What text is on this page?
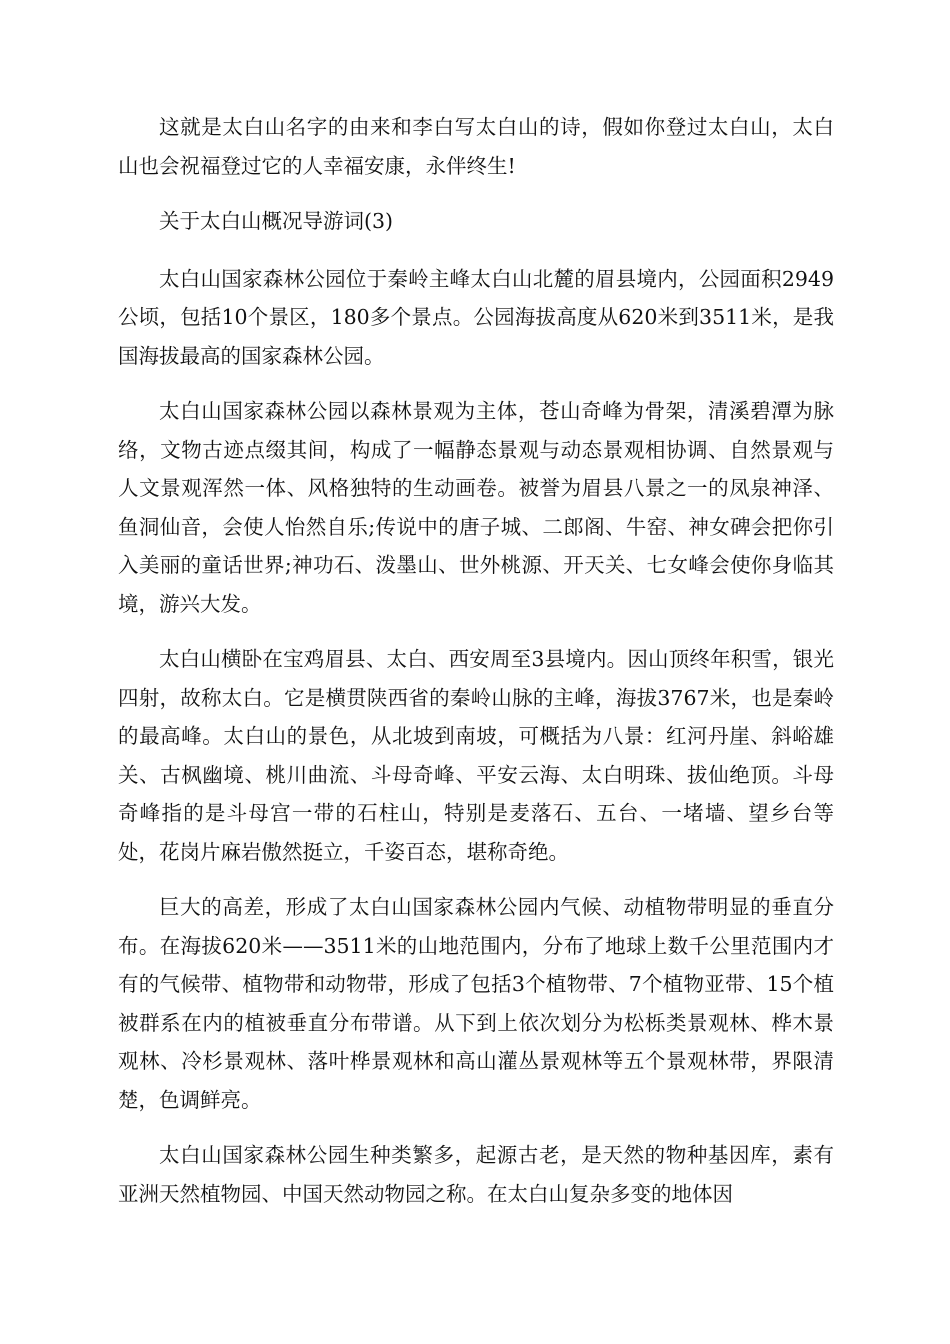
这就是太白山名字的由来和李白写太白山的诗，假如你登过太白山，太白山也会祝福登过它的人幸福安康，永伴终生!

关于太白山概况导游词(3)

太白山国家森林公园位于秦岭主峰太白山北麓的眉县境内，公园面积2949公顷，包括10个景区，180多个景点。公园海拔高度从620米到3511米，是我国海拔最高的国家森林公园。

太白山国家森林公园以森林景观为主体，苍山奇峰为骨架，清溪碧潭为脉络，文物古迹点缀其间，构成了一幅静态景观与动态景观相协调、自然景观与人文景观浑然一体、风格独特的生动画卷。被誉为眉县八景之一的凤泉神泽、鱼洞仙音，会使人怡然自乐;传说中的唐子城、二郎阁、牛窑、神女碑会把你引入美丽的童话世界;神功石、泼墨山、世外桃源、开天关、七女峰会使你身临其境，游兴大发。

太白山横卧在宝鸡眉县、太白、西安周至3县境内。因山顶终年积雪，银光四射，故称太白。它是横贯陕西省的秦岭山脉的主峰，海拔3767米，也是秦岭的最高峰。太白山的景色，从北坡到南坡，可概括为八景：红河丹崖、斜峪雄关、古枫幽境、桃川曲流、斗母奇峰、平安云海、太白明珠、拔仙绝顶。斗母奇峰指的是斗母宫一带的石柱山，特别是麦落石、五台、一堵墙、望乡台等处，花岗片麻岩傲然挺立，千姿百态，堪称奇绝。

巨大的高差，形成了太白山国家森林公园内气候、动植物带明显的垂直分布。在海拔620米——3511米的山地范围内，分布了地球上数千公里范围内才有的气候带、植物带和动物带，形成了包括3个植物带、7个植物亚带、15个植被群系在内的植被垂直分布带谱。从下到上依次划分为松栎类景观林、桦木景观林、冷杉景观林、落叶桦景观林和高山灌丛景观林等五个景观林带，界限清楚，色调鲜亮。

太白山国家森林公园生种类繁多，起源古老，是天然的物种基因库，素有亚洲天然植物园、中国天然动物园之称。在太白山复杂多变的地体因
